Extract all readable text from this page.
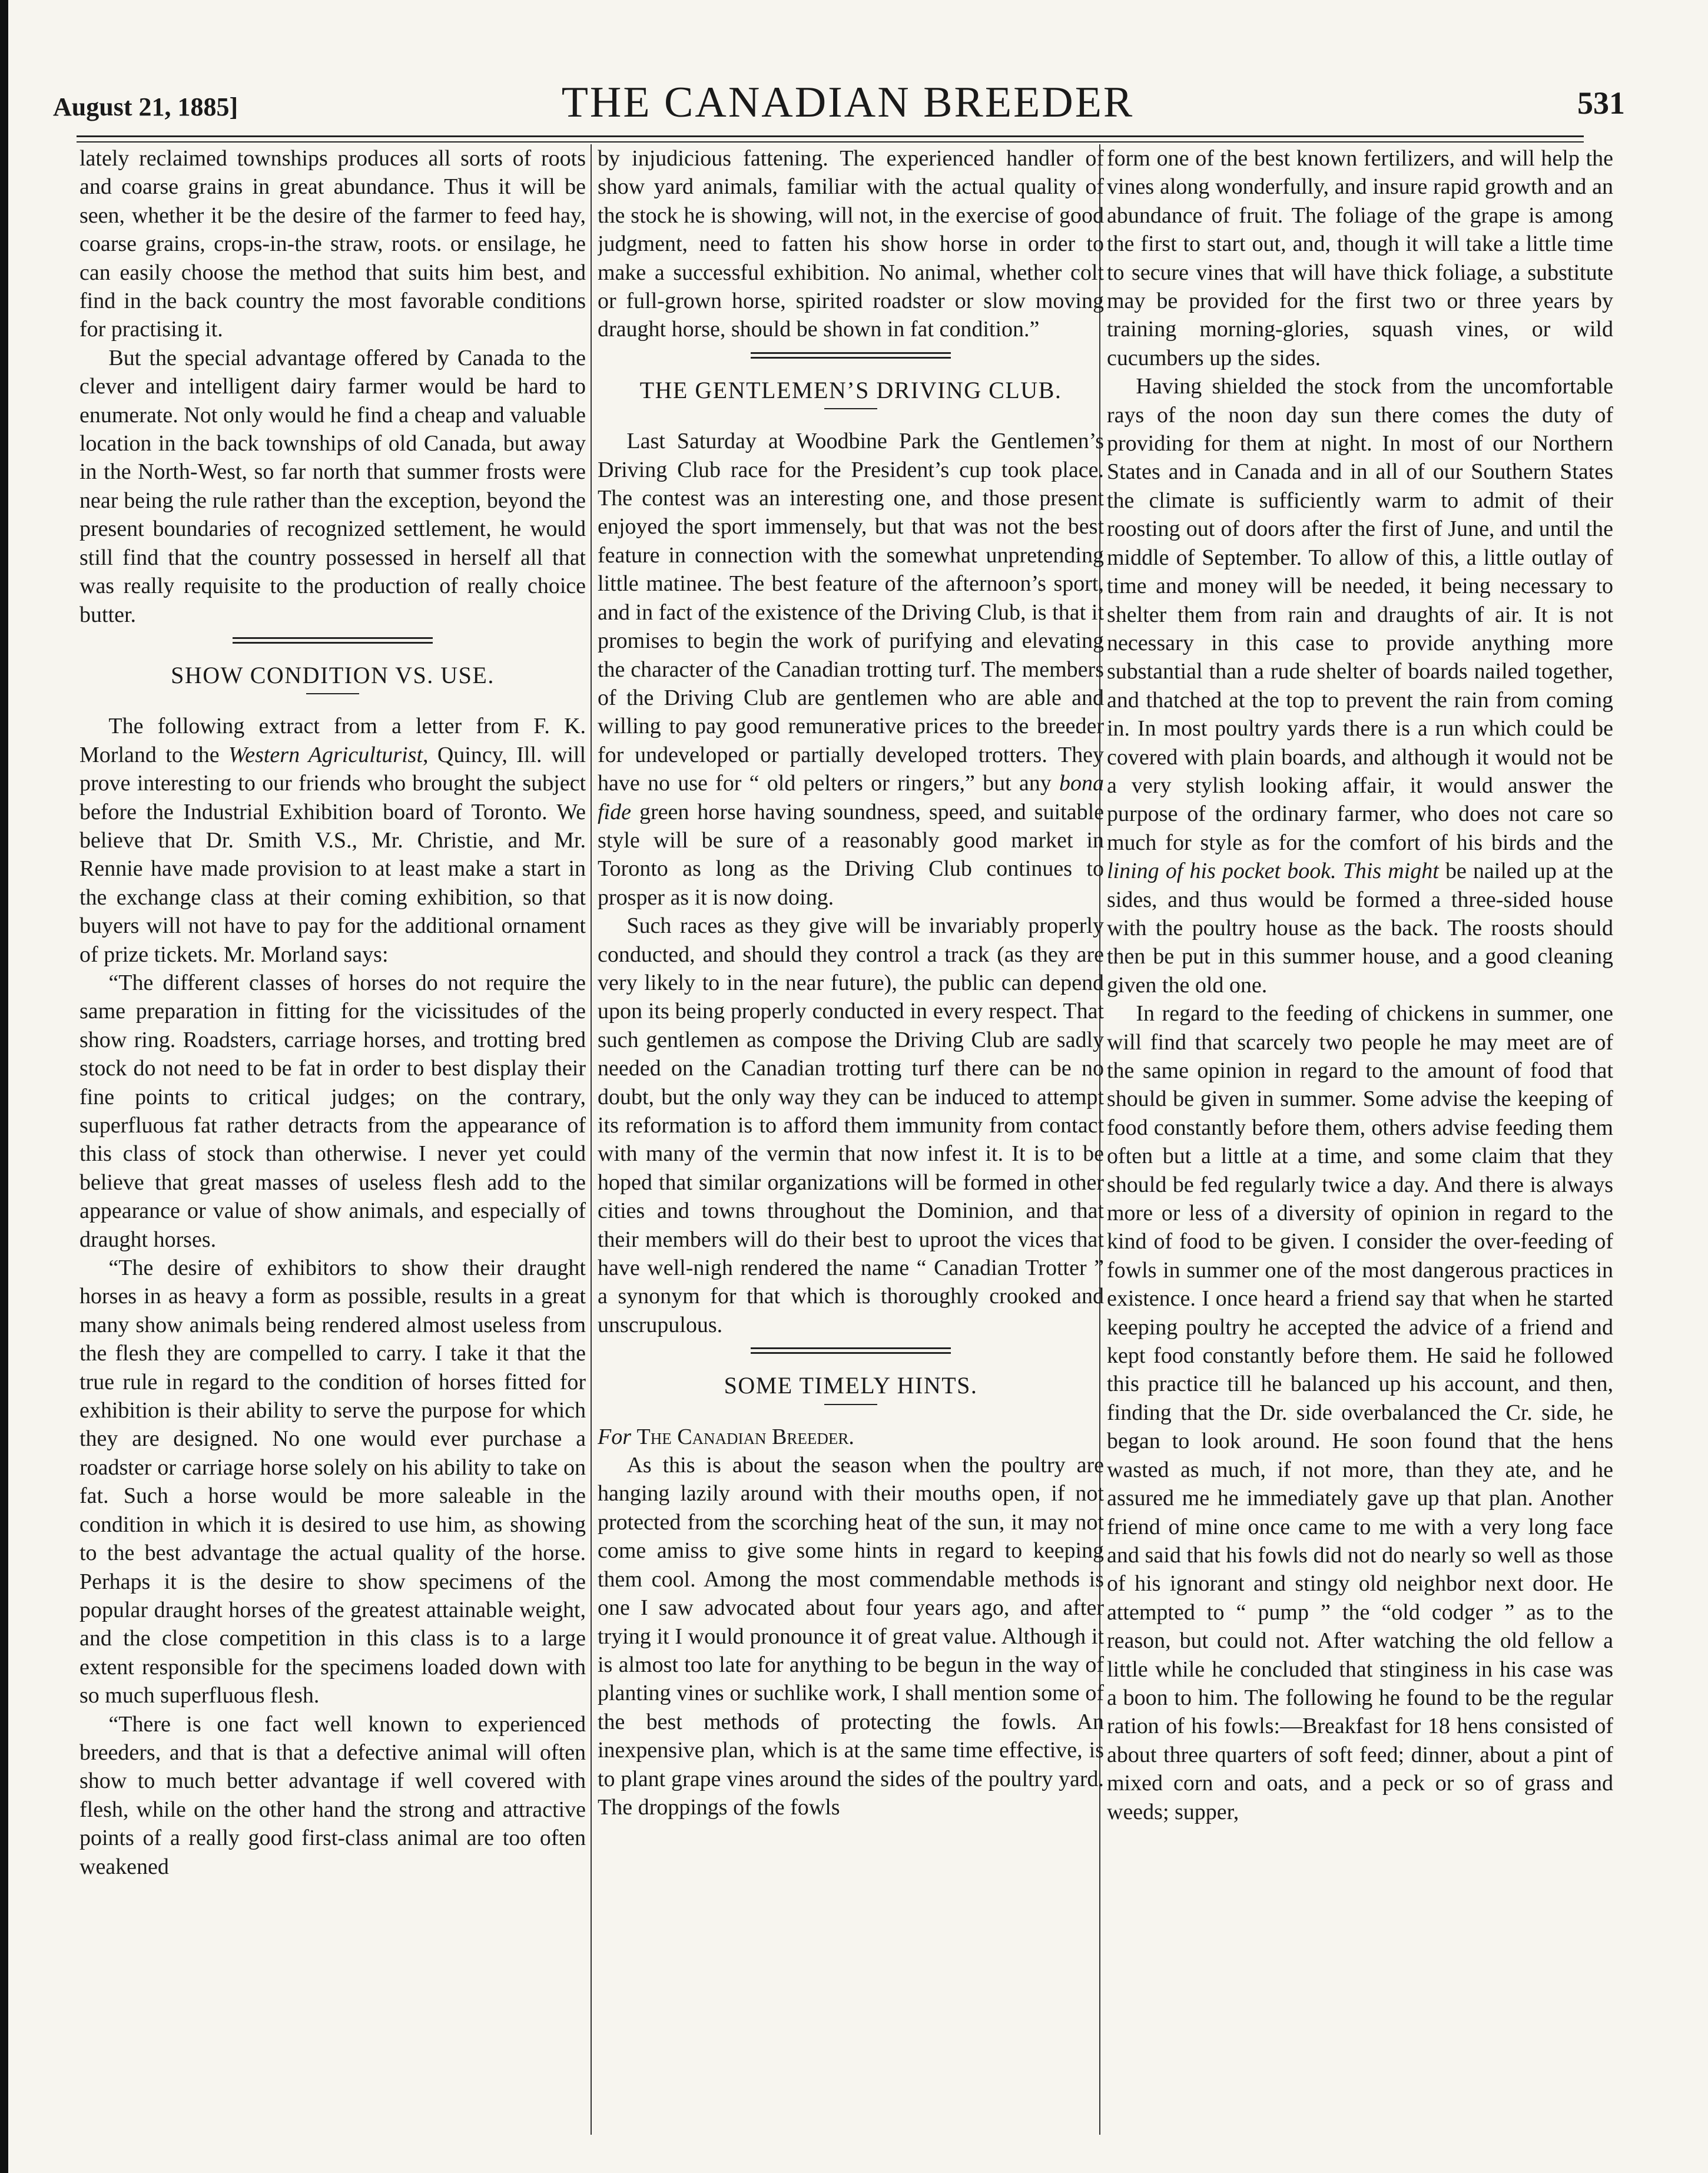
August 21, 1885]	THE CANADIAN BREEDER	531

lately reclaimed townships produces all sorts of roots and coarse grains in great abundance. Thus it will be seen, whether it be the desire of the farmer to feed hay, coarse grains, crops-in-the straw, roots. or ensilage, he can easily choose the method that suits him best, and find in the back country the most favorable conditions for practising it.

But the special advantage offered by Canada to the clever and intelligent dairy farmer would be hard to enumerate. Not only would he find a cheap and valuable location in the back townships of old Canada, but away in the North-West, so far north that summer frosts were near being the rule rather than the exception, beyond the present boundaries of recognized settlement, he would still find that the country possessed in herself all that was really requisite to the production of really choice butter.

SHOW CONDITION VS. USE.

The following extract from a letter from F. K. Morland to the Western Agriculturist, Quincy, Ill. will prove interesting to our friends who brought the subject before the Industrial Exhibition board of Toronto. We believe that Dr. Smith V.S., Mr. Christie, and Mr. Rennie have made provision to at least make a start in the exchange class at their coming exhibition, so that buyers will not have to pay for the additional ornament of prize tickets. Mr. Morland says:

“The different classes of horses do not require the same preparation in fitting for the vicissitudes of the show ring. Roadsters, carriage horses, and trotting bred stock do not need to be fat in order to best display their fine points to critical judges; on the contrary, superfluous fat rather detracts from the appearance of this class of stock than otherwise. I never yet could believe that great masses of useless flesh add to the appearance or value of show animals, and especially of draught horses.

“The desire of exhibitors to show their draught horses in as heavy a form as possible, results in a great many show animals being rendered almost useless from the flesh they are compelled to carry. I take it that the true rule in regard to the condition of horses fitted for exhibition is their ability to serve the purpose for which they are designed. No one would ever purchase a roadster or carriage horse solely on his ability to take on fat. Such a horse would be more saleable in the condition in which it is desired to use him, as showing to the best advantage the actual quality of the horse. Perhaps it is the desire to show specimens of the popular draught horses of the greatest attainable weight, and the close competition in this class is to a large extent responsible for the specimens loaded down with so much superfluous flesh.

“There is one fact well known to experienced breeders, and that is that a defective animal will often show to much better advantage if well covered with flesh, while on the other hand the strong and attractive points of a really good first-class animal are too often weakened

by injudicious fattening. The experienced handler of show yard animals, familiar with the actual quality of the stock he is showing, will not, in the exercise of good judgment, need to fatten his show horse in order to make a successful exhibition. No animal, whether colt or full-grown horse, spirited roadster or slow moving draught horse, should be shown in fat condition.”

THE GENTLEMEN’S DRIVING CLUB.

Last Saturday at Woodbine Park the Gentlemen’s Driving Club race for the President’s cup took place. The contest was an interesting one, and those present enjoyed the sport immensely, but that was not the best feature in connection with the somewhat unpretending little matinee. The best feature of the afternoon’s sport, and in fact of the existence of the Driving Club, is that it promises to begin the work of purifying and elevating the character of the Canadian trotting turf. The members of the Driving Club are gentlemen who are able and willing to pay good remunerative prices to the breeder for undeveloped or partially developed trotters. They have no use for “ old pelters or ringers,” but any bona fide green horse having soundness, speed, and suitable style will be sure of a reasonably good market in Toronto as long as the Driving Club continues to prosper as it is now doing.

Such races as they give will be invariably properly conducted, and should they control a track (as they are very likely to in the near future), the public can depend upon its being properly conducted in every respect. That such gentlemen as compose the Driving Club are sadly needed on the Canadian trotting turf there can be no doubt, but the only way they can be induced to attempt its reformation is to afford them immunity from contact with many of the vermin that now infest it. It is to be hoped that similar organizations will be formed in other cities and towns throughout the Dominion, and that their members will do their best to uproot the vices that have well-nigh rendered the name “ Canadian Trotter ” a synonym for that which is thoroughly crooked and unscrupulous.

SOME TIMELY HINTS.

For The Canadian Breeder.

As this is about the season when the poultry are hanging lazily around with their mouths open, if not protected from the scorching heat of the sun, it may not come amiss to give some hints in regard to keeping them cool. Among the most commendable methods is one I saw advocated about four years ago, and after trying it I would pronounce it of great value. Although it is almost too late for anything to be begun in the way of planting vines or suchlike work, I shall mention some of the best methods of protecting the fowls. An inexpensive plan, which is at the same time effective, is to plant grape vines around the sides of the poultry yard. The droppings of the fowls

form one of the best known fertilizers, and will help the vines along wonderfully, and insure rapid growth and an abundance of fruit. The foliage of the grape is among the first to start out, and, though it will take a little time to secure vines that will have thick foliage, a substitute may be provided for the first two or three years by training morning-glories, squash vines, or wild cucumbers up the sides.

Having shielded the stock from the uncomfortable rays of the noon day sun there comes the duty of providing for them at night. In most of our Northern States and in Canada and in all of our Southern States the climate is sufficiently warm to admit of their roosting out of doors after the first of June, and until the middle of September. To allow of this, a little outlay of time and money will be needed, it being necessary to shelter them from rain and draughts of air. It is not necessary in this case to provide anything more substantial than a rude shelter of boards nailed together, and thatched at the top to prevent the rain from coming in. In most poultry yards there is a run which could be covered with plain boards, and although it would not be a very stylish looking affair, it would answer the purpose of the ordinary farmer, who does not care so much for style as for the comfort of his birds and the lining of his pocket book. This might be nailed up at the sides, and thus would be formed a three-sided house with the poultry house as the back. The roosts should then be put in this summer house, and a good cleaning given the old one.

In regard to the feeding of chickens in summer, one will find that scarcely two people he may meet are of the same opinion in regard to the amount of food that should be given in summer. Some advise the keeping of food constantly before them, others advise feeding them often but a little at a time, and some claim that they should be fed regularly twice a day. And there is always more or less of a diversity of opinion in regard to the kind of food to be given. I consider the over-feeding of fowls in summer one of the most dangerous practices in existence. I once heard a friend say that when he started keeping poultry he accepted the advice of a friend and kept food constantly before them. He said he followed this practice till he balanced up his account, and then, finding that the Dr. side overbalanced the Cr. side, he began to look around. He soon found that the hens wasted as much, if not more, than they ate, and he assured me he immediately gave up that plan. Another friend of mine once came to me with a very long face and said that his fowls did not do nearly so well as those of his ignorant and stingy old neighbor next door. He attempted to “ pump ” the “old codger ” as to the reason, but could not. After watching the old fellow a little while he concluded that stinginess in his case was a boon to him. The following he found to be the regular ration of his fowls:—Breakfast for 18 hens consisted of about three quarters of soft feed; dinner, about a pint of mixed corn and oats, and a peck or so of grass and weeds; supper,
